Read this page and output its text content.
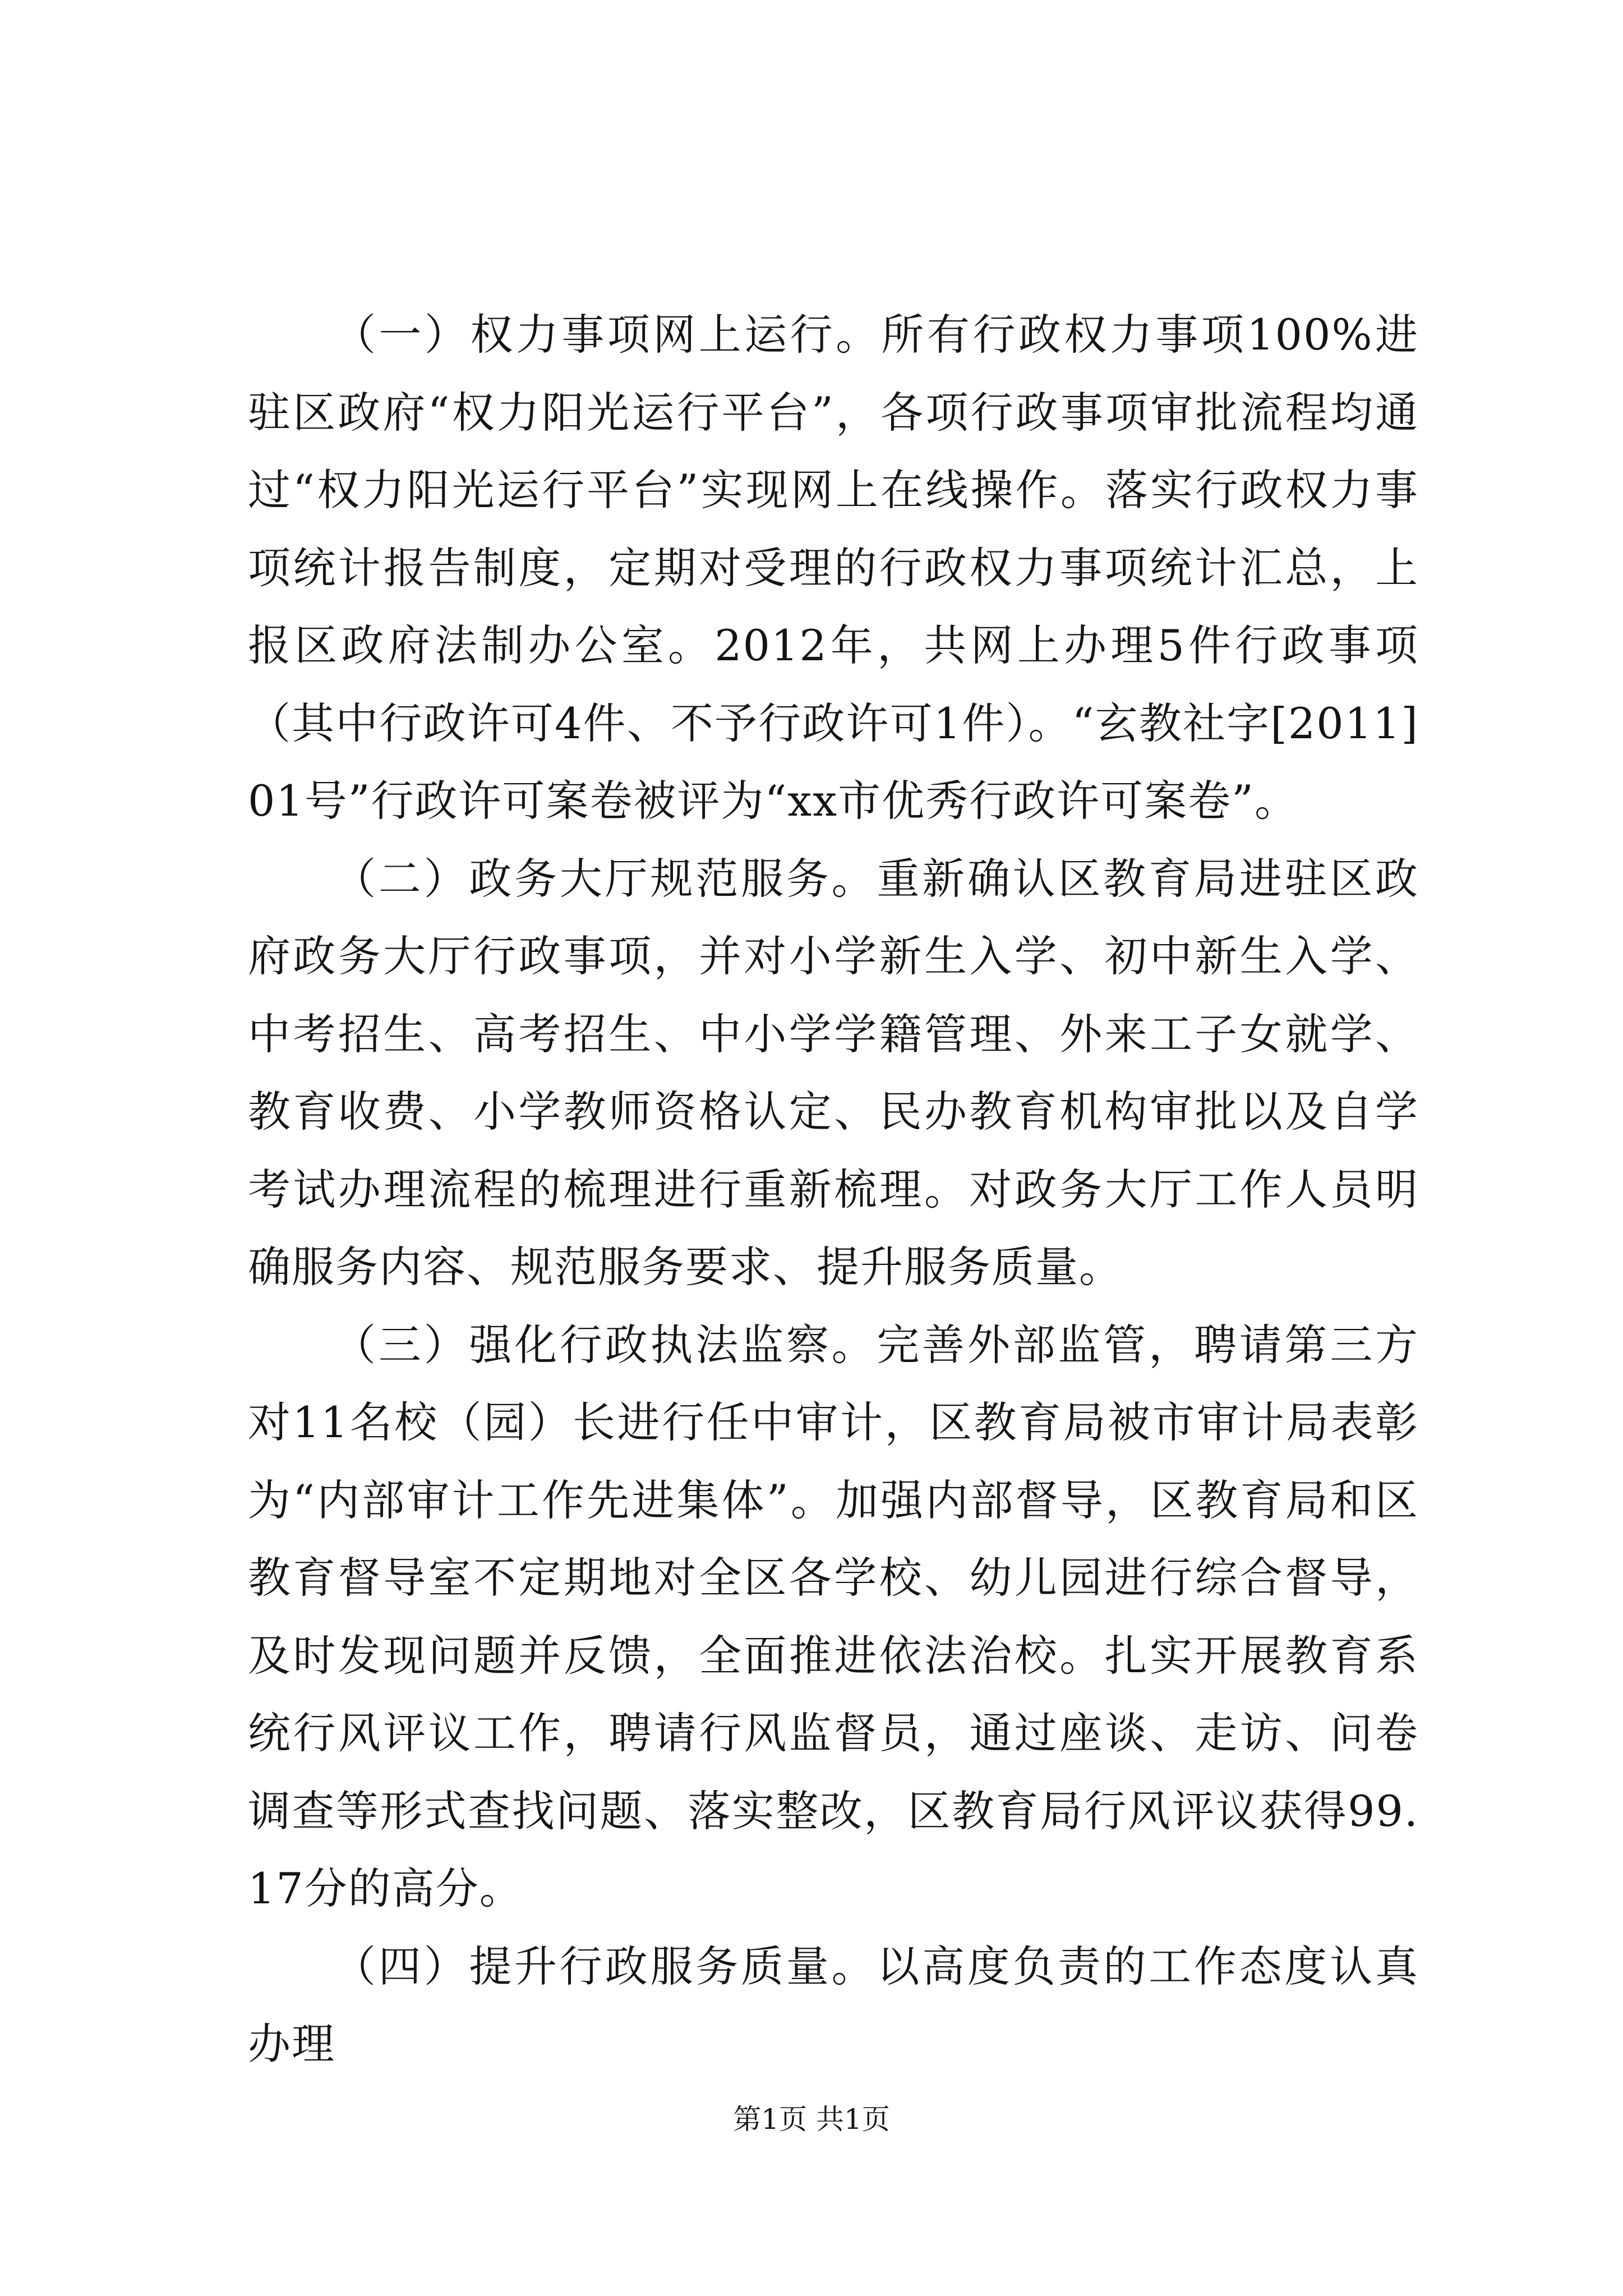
（一）权力事项网上运行。所有行政权力事项100%进驻区政府“权力阳光运行平台”，各项行政事项审批流程均通过“权力阳光运行平台”实现网上在线操作。落实行政权力事项统计报告制度，定期对受理的行政权力事项统计汇总，上报区政府法制办公室。2012年，共网上办理5件行政事项（其中行政许可4件、不予行政许可1件）。“玄教社字[2011]01号”行政许可案卷被评为“xx市优秀行政许可案卷”。

（二）政务大厅规范服务。重新确认区教育局进驻区政府政务大厅行政事项，并对小学新生入学、初中新生入学、中考招生、高考招生、中小学学籍管理、外来工子女就学、教育收费、小学教师资格认定、民办教育机构审批以及自学考试办理流程的梳理进行重新梳理。对政务大厅工作人员明确服务内容、规范服务要求、提升服务质量。

（三）强化行政执法监察。完善外部监管，聘请第三方对11名校（园）长进行任中审计，区教育局被市审计局表彰为“内部审计工作先进集体”。加强内部督导，区教育局和区教育督导室不定期地对全区各学校、幼儿园进行综合督导，及时发现问题并反馈，全面推进依法治校。扎实开展教育系统行风评议工作，聘请行风监督员，通过座谈、走访、问卷调查等形式查找问题、落实整改，区教育局行风评议获得99.17分的高分。

（四）提升行政服务质量。以高度负责的工作态度认真办理

第1页 共1页
